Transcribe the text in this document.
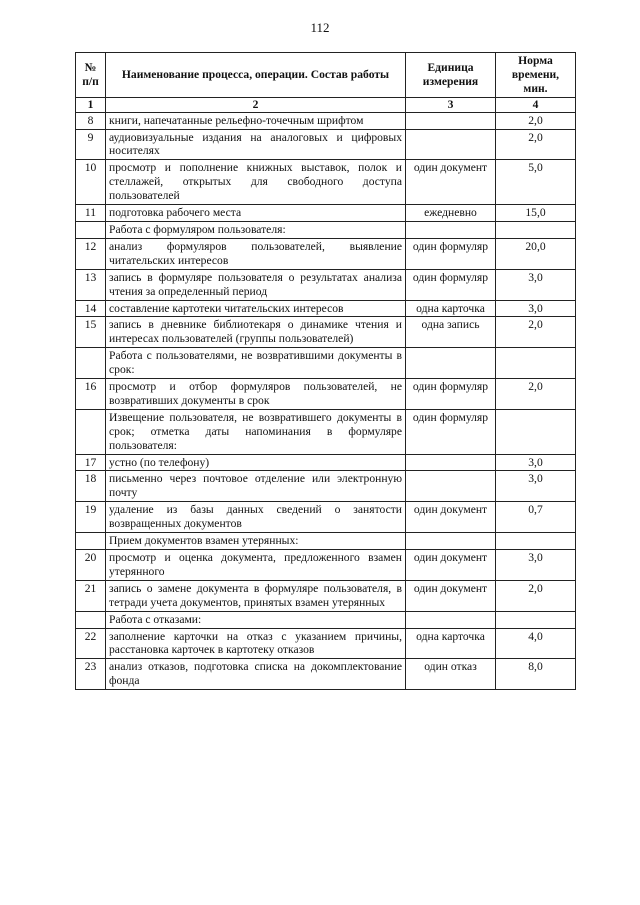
112
№ п/п	Наименование процесса, операции. Состав работы	Единица измерения	Норма времени, мин.
1	2	3	4
8	книги, напечатанные рельефно-точечным шрифтом		2,0
9	аудиовизуальные издания на аналоговых и цифровых носителях		2,0
10	просмотр и пополнение книжных выставок, полок и стеллажей, открытых для свободного доступа пользователей	один документ	5,0
11	подготовка рабочего места	ежедневно	15,0
	Работа с формуляром пользователя:		
12	анализ формуляров пользователей, выявление читательских интересов	один формуляр	20,0
13	запись в формуляре пользователя о результатах анализа чтения за определенный период	один формуляр	3,0
14	составление картотеки читательских интересов	одна карточка	3,0
15	запись в дневнике библиотекаря о динамике чтения и интересах пользователей (группы пользователей)	одна запись	2,0
	Работа с пользователями, не возвратившими документы в срок:		
16	просмотр и отбор формуляров пользователей, не возвративших документы в срок	один формуляр	2,0
	Извещение пользователя, не возвратившего документы в срок; отметка даты напоминания в формуляре пользователя:	один формуляр	
17	устно (по телефону)		3,0
18	письменно через почтовое отделение или электронную почту		3,0
19	удаление из базы данных сведений о занятости возвращенных документов	один документ	0,7
	Прием документов взамен утерянных:		
20	просмотр и оценка документа, предложенного взамен утерянного	один документ	3,0
21	запись о замене документа в формуляре пользователя, в тетради учета документов, принятых взамен утерянных	один документ	2,0
	Работа с отказами:		
22	заполнение карточки на отказ с указанием причины, расстановка карточек в картотеку отказов	одна карточка	4,0
23	анализ отказов, подготовка списка на докомплектование фонда	один отказ	8,0
